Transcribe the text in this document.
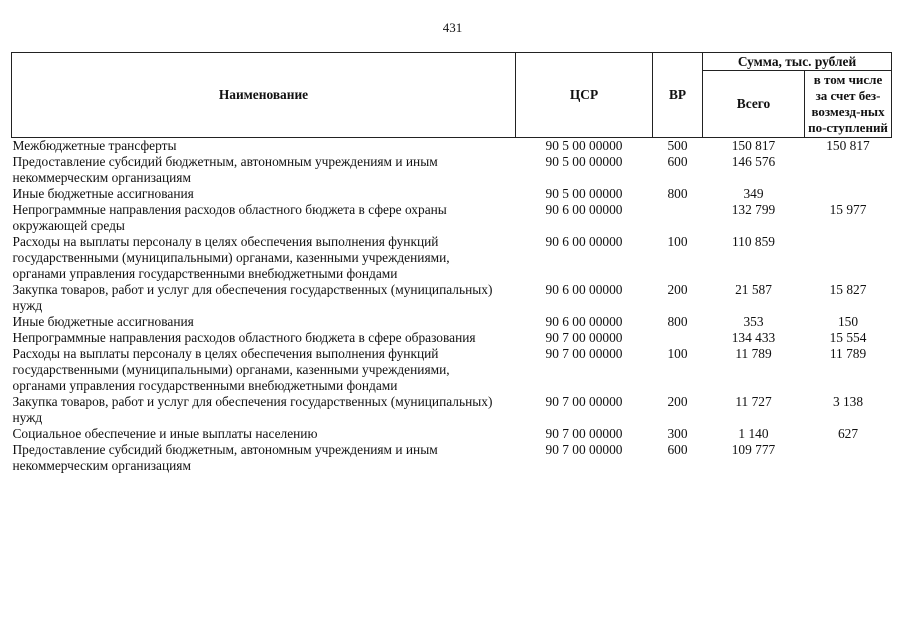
431
Наименование	ЦСР	ВР	Сумма, тыс. рублей	
			Всего	в том числе за счет без-возмезд-ных по-ступлений
Межбюджетные трансферты	90 5 00 00000	500	150 817	150 817
Предоставление субсидий бюджетным, автономным учреждениям и иным некоммерческим организациям	90 5 00 00000	600	146 576	
Иные бюджетные ассигнования	90 5 00 00000	800	349	
Непрограммные направления расходов областного бюджета в сфере охраны окружающей среды	90 6 00 00000		132 799	15 977
Расходы на выплаты персоналу в целях обеспечения выполнения функций государственными (муниципальными) органами, казенными учреждениями, органами управления государственными внебюджетными фондами	90 6 00 00000	100	110 859	
Закупка товаров, работ и услуг для обеспечения государственных (муниципальных) нужд	90 6 00 00000	200	21 587	15 827
Иные бюджетные ассигнования	90 6 00 00000	800	353	150
Непрограммные направления расходов областного бюджета в сфере образования	90 7 00 00000		134 433	15 554
Расходы на выплаты персоналу в целях обеспечения выполнения функций государственными (муниципальными) органами, казенными учреждениями, органами управления государственными внебюджетными фондами	90 7 00 00000	100	11 789	11 789
Закупка товаров, работ и услуг для обеспечения государственных (муниципальных) нужд	90 7 00 00000	200	11 727	3 138
Социальное обеспечение и иные выплаты населению	90 7 00 00000	300	1 140	627
Предоставление субсидий бюджетным, автономным учреждениям и иным некоммерческим организациям	90 7 00 00000	600	109 777	
